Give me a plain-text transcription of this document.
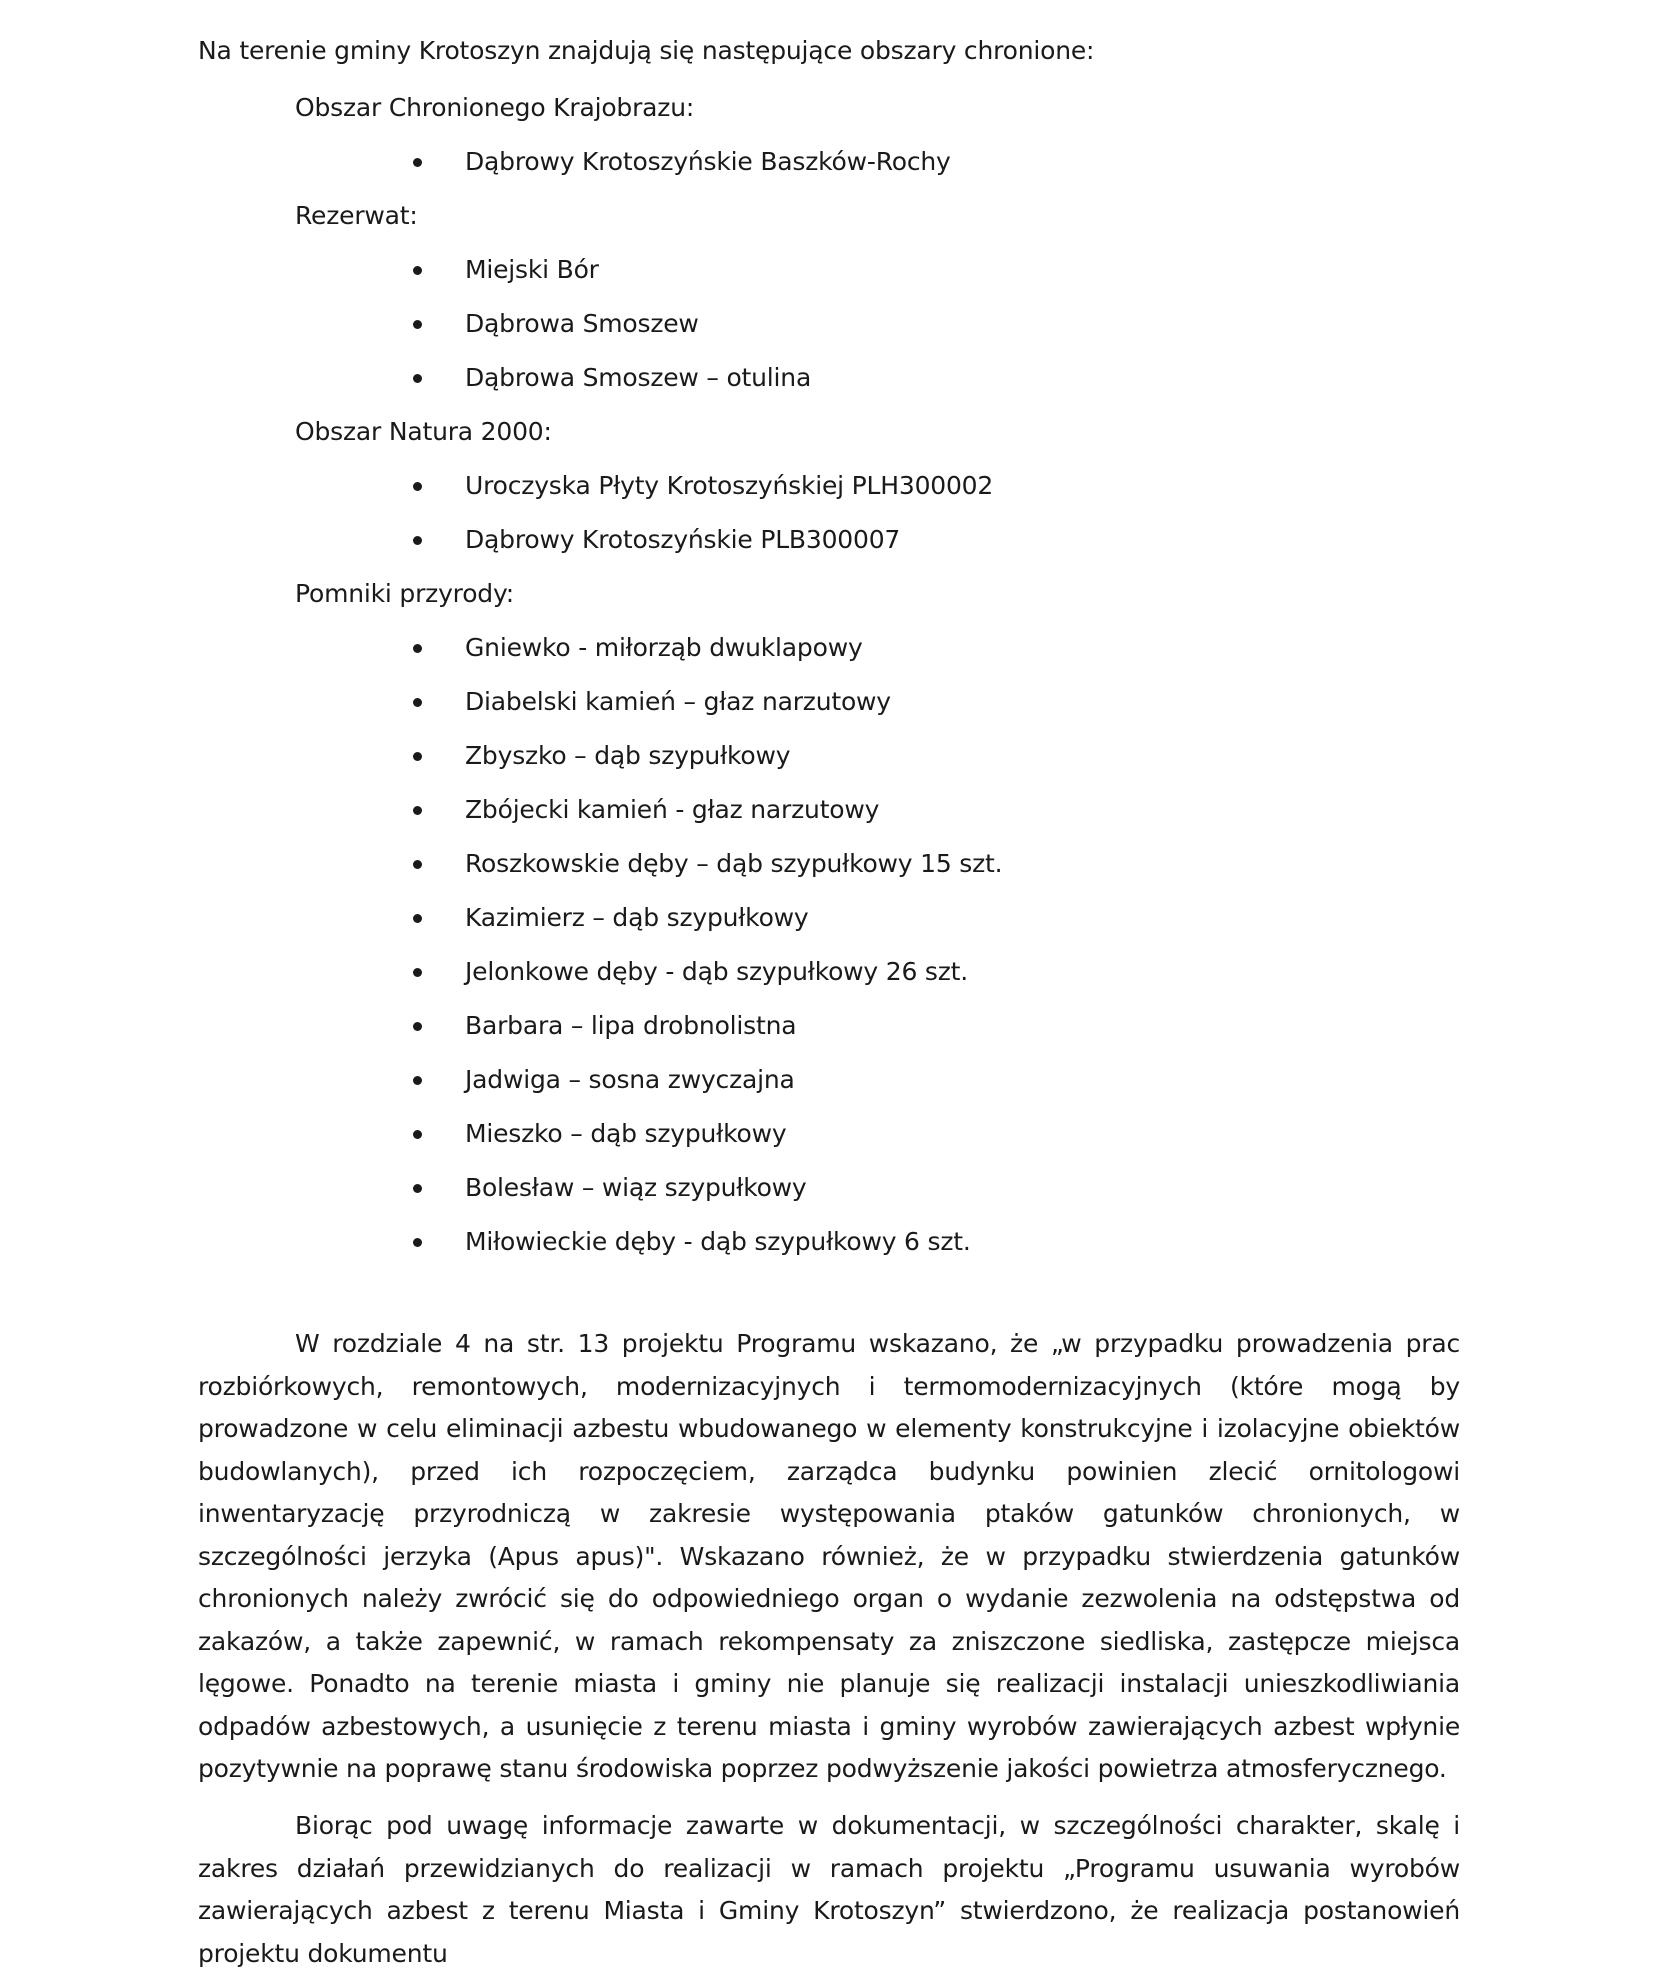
Na terenie gminy Krotoszyn znajdują się następujące obszary chronione:
Obszar Chronionego Krajobrazu:
Dąbrowy Krotoszyńskie Baszków-Rochy
Rezerwat:
Miejski Bór
Dąbrowa Smoszew
Dąbrowa Smoszew – otulina
Obszar Natura 2000:
Uroczyska Płyty Krotoszyńskiej PLH300002
Dąbrowy Krotoszyńskie PLB300007
Pomniki przyrody:
Gniewko - miłorząb dwuklapowy
Diabelski kamień – głaz narzutowy
Zbyszko – dąb szypułkowy
Zbójecki kamień - głaz narzutowy
Roszkowskie dęby – dąb szypułkowy 15 szt.
Kazimierz – dąb szypułkowy
Jelonkowe dęby - dąb szypułkowy 26 szt.
Barbara – lipa drobnolistna
Jadwiga – sosna zwyczajna
Mieszko – dąb szypułkowy
Bolesław – wiąz szypułkowy
Miłowieckie dęby - dąb szypułkowy 6 szt.

W rozdziale 4 na str. 13 projektu Programu wskazano, że „w przypadku prowadzenia prac rozbiórkowych, remontowych, modernizacyjnych i termomodernizacyjnych (które mogą by prowadzone w celu eliminacji azbestu wbudowanego w elementy konstrukcyjne i izolacyjne obiektów budowlanych), przed ich rozpoczęciem, zarządca budynku powinien zlecić ornitologowi inwentaryzację przyrodniczą w zakresie występowania ptaków gatunków chronionych, w szczególności jerzyka (Apus apus)". Wskazano również, że w przypadku stwierdzenia gatunków chronionych należy zwrócić się do odpowiedniego organ o wydanie zezwolenia na odstępstwa od zakazów, a także zapewnić, w ramach rekompensaty za zniszczone siedliska, zastępcze miejsca lęgowe. Ponadto na terenie miasta i gminy nie planuje się realizacji instalacji unieszkodliwiania odpadów azbestowych, a usunięcie z terenu miasta i gminy wyrobów zawierających azbest wpłynie pozytywnie na poprawę stanu środowiska poprzez podwyższenie jakości powietrza atmosferycznego.

Biorąc pod uwagę informacje zawarte w dokumentacji, w szczególności charakter, skalę i zakres działań przewidzianych do realizacji w ramach projektu „Programu usuwania wyrobów zawierających azbest z terenu Miasta i Gminy Krotoszyn” stwierdzono, że realizacja postanowień projektu dokumentu
